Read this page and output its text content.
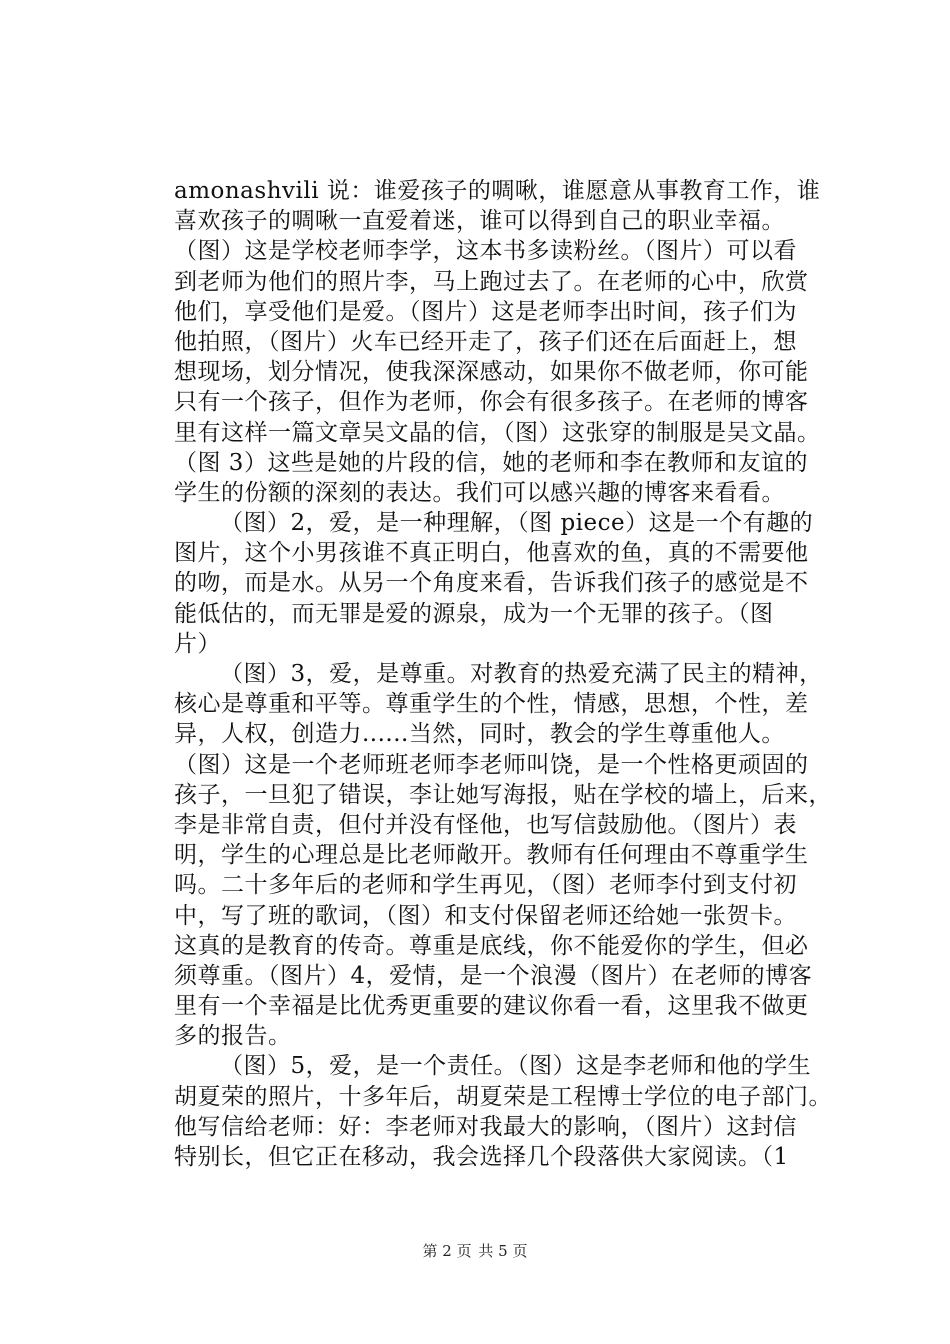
amonashvili 说：谁爱孩子的啁啾，谁愿意从事教育工作，谁
喜欢孩子的啁啾一直爱着迷，谁可以得到自己的职业幸福。
（图）这是学校老师李学，这本书多读粉丝。（图片）可以看
到老师为他们的照片李，马上跑过去了。在老师的心中，欣赏
他们，享受他们是爱。（图片）这是老师李出时间，孩子们为
他拍照，（图片）火车已经开走了，孩子们还在后面赶上，想
想现场，划分情况，使我深深感动，如果你不做老师，你可能
只有一个孩子，但作为老师，你会有很多孩子。在老师的博客
里有这样一篇文章吴文晶的信，（图）这张穿的制服是吴文晶。
（图 3）这些是她的片段的信，她的老师和李在教师和友谊的
学生的份额的深刻的表达。我们可以感兴趣的博客来看看。
（图）2，爱，是一种理解，（图 piece）这是一个有趣的
图片，这个小男孩谁不真正明白，他喜欢的鱼，真的不需要他
的吻，而是水。从另一个角度来看，告诉我们孩子的感觉是不
能低估的，而无罪是爱的源泉，成为一个无罪的孩子。（图
片）
（图）3，爱，是尊重。对教育的热爱充满了民主的精神，
核心是尊重和平等。尊重学生的个性，情感，思想，个性，差
异，人权，创造力......当然，同时，教会的学生尊重他人。
（图）这是一个老师班老师李老师叫饶，是一个性格更顽固的
孩子，一旦犯了错误，李让她写海报，贴在学校的墙上，后来，
李是非常自责，但付并没有怪他，也写信鼓励他。（图片）表
明，学生的心理总是比老师敞开。教师有任何理由不尊重学生
吗。二十多年后的老师和学生再见，（图）老师李付到支付初
中，写了班的歌词，（图）和支付保留老师还给她一张贺卡。
这真的是教育的传奇。尊重是底线，你不能爱你的学生，但必
须尊重。（图片）4，爱情，是一个浪漫（图片）在老师的博客
里有一个幸福是比优秀更重要的建议你看一看，这里我不做更
多的报告。
（图）5，爱，是一个责任。（图）这是李老师和他的学生
胡夏荣的照片，十多年后，胡夏荣是工程博士学位的电子部门。
他写信给老师：好：李老师对我最大的影响，（图片）这封信
特别长，但它正在移动，我会选择几个段落供大家阅读。（1
第 2 页 共 5 页
